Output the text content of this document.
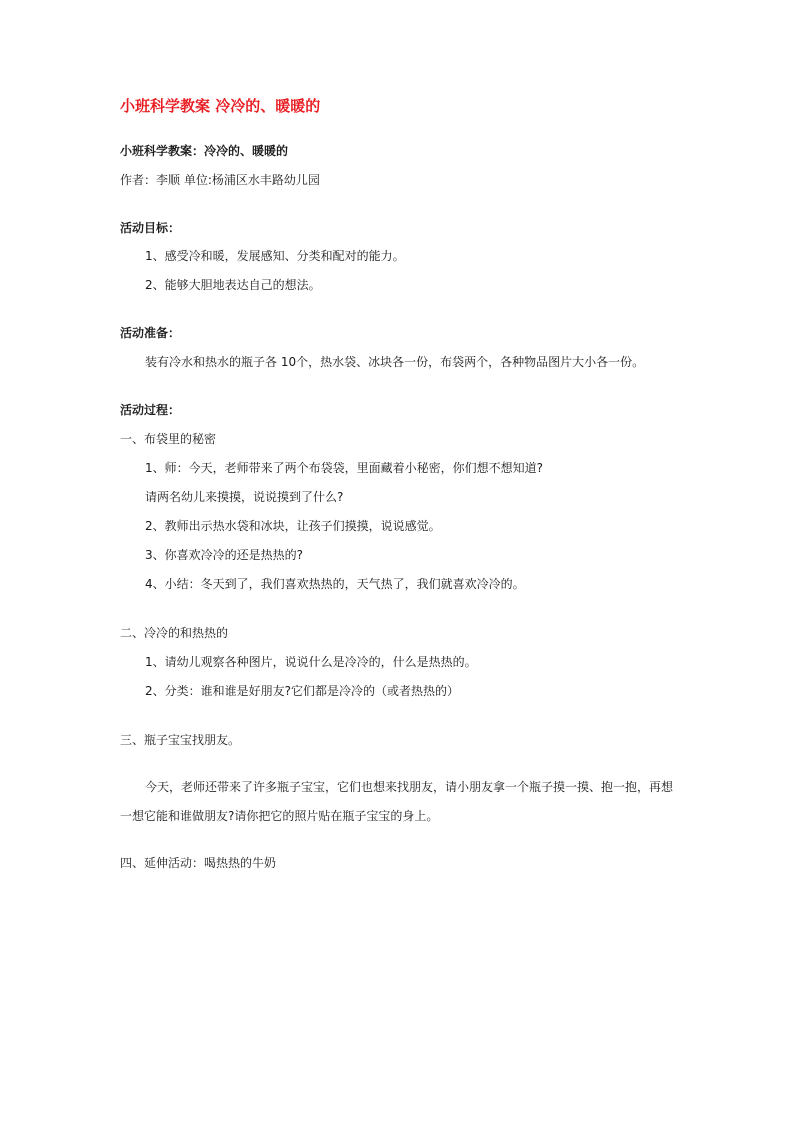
小班科学教案 冷冷的、暖暖的
小班科学教案：冷冷的、暖暖的
作者：李顺 单位:杨浦区水丰路幼儿园
活动目标：
1、感受冷和暖，发展感知、分类和配对的能力。
2、能够大胆地表达自己的想法。
活动准备：
装有冷水和热水的瓶子各 10个，热水袋、冰块各一份，布袋两个，各种物品图片大小各一份。
活动过程：
一、布袋里的秘密
1、师：今天，老师带来了两个布袋袋，里面藏着小秘密，你们想不想知道?
请两名幼儿来摸摸，说说摸到了什么?
2、教师出示热水袋和冰块，让孩子们摸摸，说说感觉。
3、你喜欢冷冷的还是热热的?
4、小结：冬天到了，我们喜欢热热的，天气热了，我们就喜欢冷冷的。
二、冷冷的和热热的
1、请幼儿观察各种图片，说说什么是冷冷的，什么是热热的。
2、分类：谁和谁是好朋友?它们都是冷冷的（或者热热的）
三、瓶子宝宝找朋友。
今天，老师还带来了许多瓶子宝宝，它们也想来找朋友，请小朋友拿一个瓶子摸一摸、抱一抱，再想
一想它能和谁做朋友?请你把它的照片贴在瓶子宝宝的身上。
四、延伸活动：喝热热的牛奶
